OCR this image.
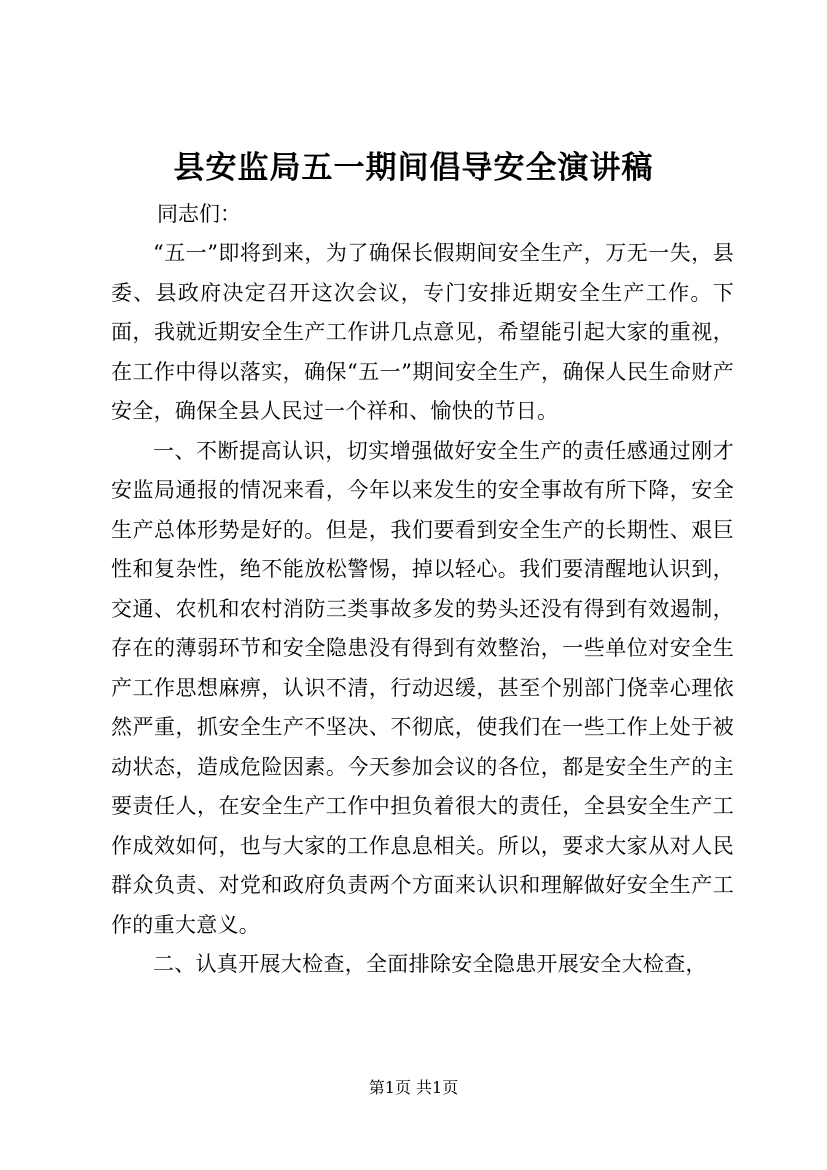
县安监局五一期间倡导安全演讲稿

同志们：

“五一”即将到来，为了确保长假期间安全生产，万无一失，县委、县政府决定召开这次会议，专门安排近期安全生产工作。下面，我就近期安全生产工作讲几点意见，希望能引起大家的重视，在工作中得以落实，确保“五一”期间安全生产，确保人民生命财产安全，确保全县人民过一个祥和、愉快的节日。

一、不断提高认识，切实增强做好安全生产的责任感通过刚才安监局通报的情况来看，今年以来发生的安全事故有所下降，安全生产总体形势是好的。但是，我们要看到安全生产的长期性、艰巨性和复杂性，绝不能放松警惕，掉以轻心。我们要清醒地认识到，交通、农机和农村消防三类事故多发的势头还没有得到有效遏制，存在的薄弱环节和安全隐患没有得到有效整治，一些单位对安全生产工作思想麻痹，认识不清，行动迟缓，甚至个别部门侥幸心理依然严重，抓安全生产不坚决、不彻底，使我们在一些工作上处于被动状态，造成危险因素。今天参加会议的各位，都是安全生产的主要责任人，在安全生产工作中担负着很大的责任，全县安全生产工作成效如何，也与大家的工作息息相关。所以，要求大家从对人民群众负责、对党和政府负责两个方面来认识和理解做好安全生产工作的重大意义。

二、认真开展大检查，全面排除安全隐患开展安全大检查，

第1页 共1页
